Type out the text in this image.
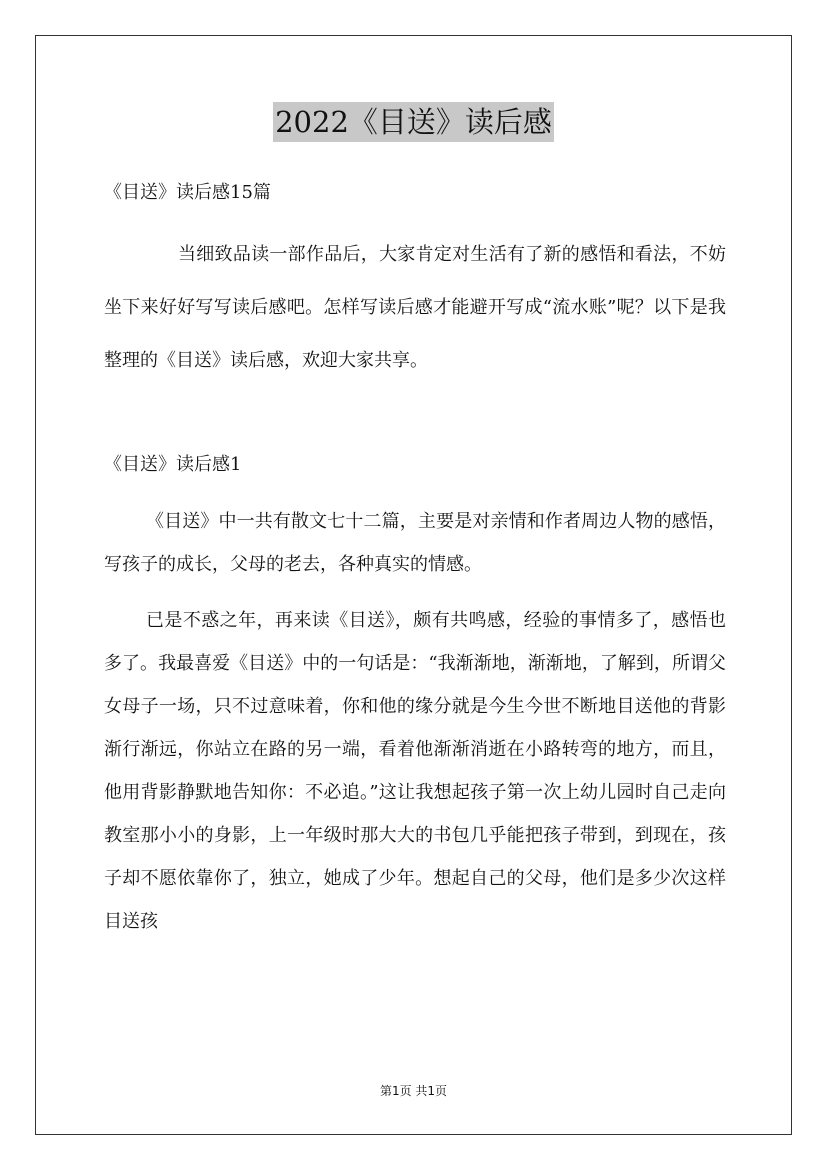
2022《目送》读后感
《目送》读后感15篇

当细致品读一部作品后，大家肯定对生活有了新的感悟和看法，不妨坐下来好好写写读后感吧。怎样写读后感才能避开写成“流水账”呢？以下是我整理的《目送》读后感，欢迎大家共享。

《目送》读后感1

《目送》中一共有散文七十二篇，主要是对亲情和作者周边人物的感悟，写孩子的成长，父母的老去，各种真实的情感。

已是不惑之年，再来读《目送》，颇有共鸣感，经验的事情多了，感悟也多了。我最喜爱《目送》中的一句话是：“我渐渐地，渐渐地，了解到，所谓父女母子一场，只不过意味着，你和他的缘分就是今生今世不断地目送他的背影渐行渐远，你站立在路的另一端，看着他渐渐消逝在小路转弯的地方，而且，他用背影静默地告知你：不必追。”这让我想起孩子第一次上幼儿园时自己走向教室那小小的身影，上一年级时那大大的书包几乎能把孩子带到，到现在，孩子却不愿依靠你了，独立，她成了少年。想起自己的父母，他们是多少次这样目送孩

第1页 共1页
